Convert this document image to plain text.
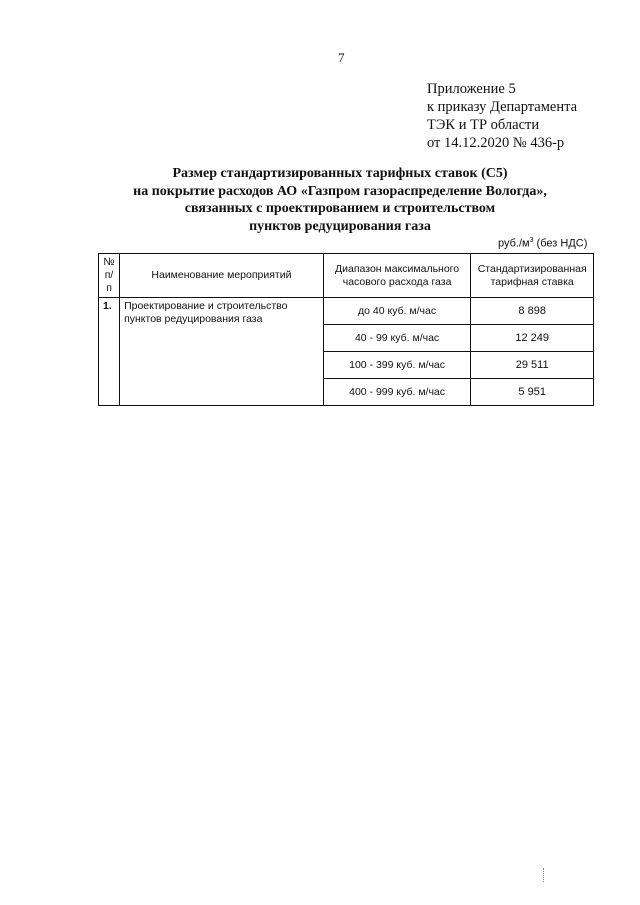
7
Приложение 5
к приказу Департамента
ТЭК и ТР области
от 14.12.2020 № 436-р
Размер стандартизированных тарифных ставок (С5)
на покрытие расходов АО «Газпром газораспределение Вологда»,
связанных с проектированием и строительством
пунктов редуцирования газа
$руб./м^3$ (без НДС)
№
п/п	Наименование мероприятий	Диапазон максимального часового расхода газа	Стандартизированная тарифная ставка
1.	Проектирование и строительство пунктов редуцирования газа	до 40 куб. м/час	8 898
		40 - 99 куб. м/час	12 249
		100 - 399 куб. м/час	29 511
		400 - 999 куб. м/час	5 951
